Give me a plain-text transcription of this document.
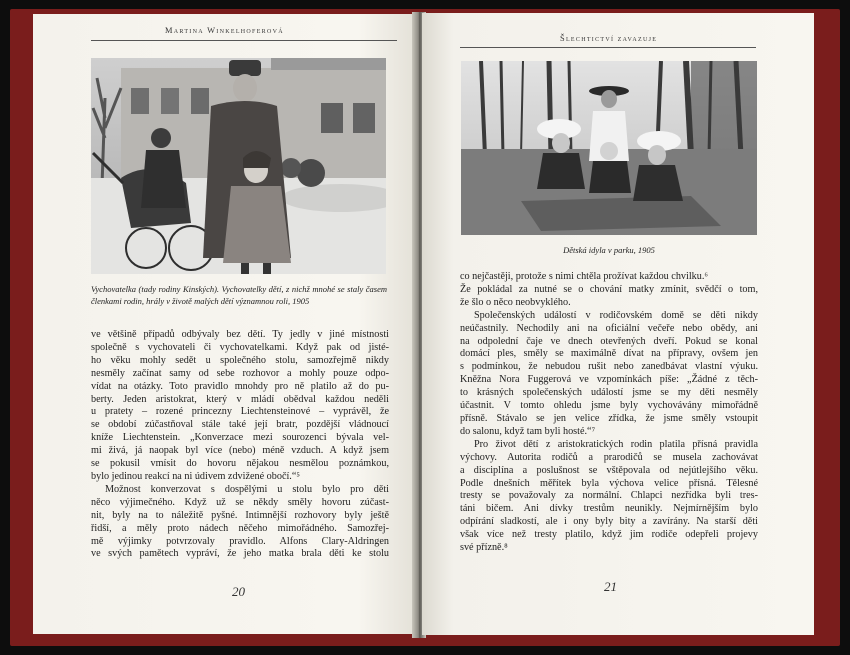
Martina Winkelhoferová
Vychovatelka (tady rodiny Kinských). Vychovatelky dětí, z nichž mnohé se staly časem členkami rodin, hrály v životě malých dětí významnou roli, 1905

ve většině případů odbývaly bez dětí. Ty jedly v jiné místnosti

společně s vychovateli či vychovatelkami. Když pak od jisté-

ho věku mohly sedět u společného stolu, samozřejmě nikdy

nesměly začínat samy od sebe rozhovor a mohly pouze odpo-

vídat na otázky. Toto pravidlo mnohdy pro ně platilo až do pu-

berty. Jeden aristokrat, který v mládí obědval každou neděli

u pratety – rozené princezny Liechtensteinové – vyprávěl, že

se období zúčastňoval stále také její bratr, pozdější vládnoucí

kníže Liechtenstein. „Konverzace mezi sourozenci bývala vel-

mi živá, já naopak byl více (nebo) méně vzduch. A když jsem

se pokusil vmísit do hovoru nějakou nesmělou poznámkou,

bylo jedinou reakcí na ni údivem zdvižené obočí.“⁵

Možnost konverzovat s dospělými u stolu bylo pro děti

něco výjimečného. Když už se někdy směly hovoru zúčast-

nit, byly na to náležitě pyšné. Intimnější rozhovory byly ještě

řidší, a měly proto nádech něčeho mimořádného. Samozřej-

mě výjimky potvrzovaly pravidlo. Alfons Clary-Aldringen

ve svých pamětech vypráví, že jeho matka brala děti ke stolu

20
Šlechtictví zavazuje
Dětská idyla v parku, 1905

co nejčastěji, protože s nimi chtěla prožívat každou chvilku.⁶

Že pokládal za nutné se o chování matky zmínit, svědčí o tom,

že šlo o něco neobvyklého.

Společenských událostí v rodičovském domě se děti nikdy

neúčastnily. Nechodily ani na oficiální večeře nebo obědy, ani

na odpolední čaje ve dnech otevřených dveří. Pokud se konal

domácí ples, směly se maximálně dívat na přípravy, ovšem jen

s podmínkou, že nebudou rušit nebo zanedbávat vlastní výuku.

Kněžna Nora Fuggerová ve vzpomínkách píše: „Žádné z těch-

to krásných společenských událostí jsme se my děti nesměly

účastnit. V tomto ohledu jsme byly vychovávány mimořádně

přísně. Stávalo se jen velice zřídka, že jsme směly vstoupit

do salonu, když tam byli hosté.“⁷

Pro život dětí z aristokratických rodin platila přísná pravidla

výchovy. Autorita rodičů a prarodičů se musela zachovávat

a disciplína a poslušnost se vštěpovala od nejútlejšího věku.

Podle dnešních měřítek byla výchova velice přísná. Tělesné

tresty se považovaly za normální. Chlapci nezřídka byli tres-

táni bičem. Ani dívky trestům neunikly. Nejmírnějším bylo

odpírání sladkostí, ale i ony byly bity a zavírány. Na starší děti

však více než tresty platilo, když jim rodiče odepřeli projevy

své přízně.⁸

21
